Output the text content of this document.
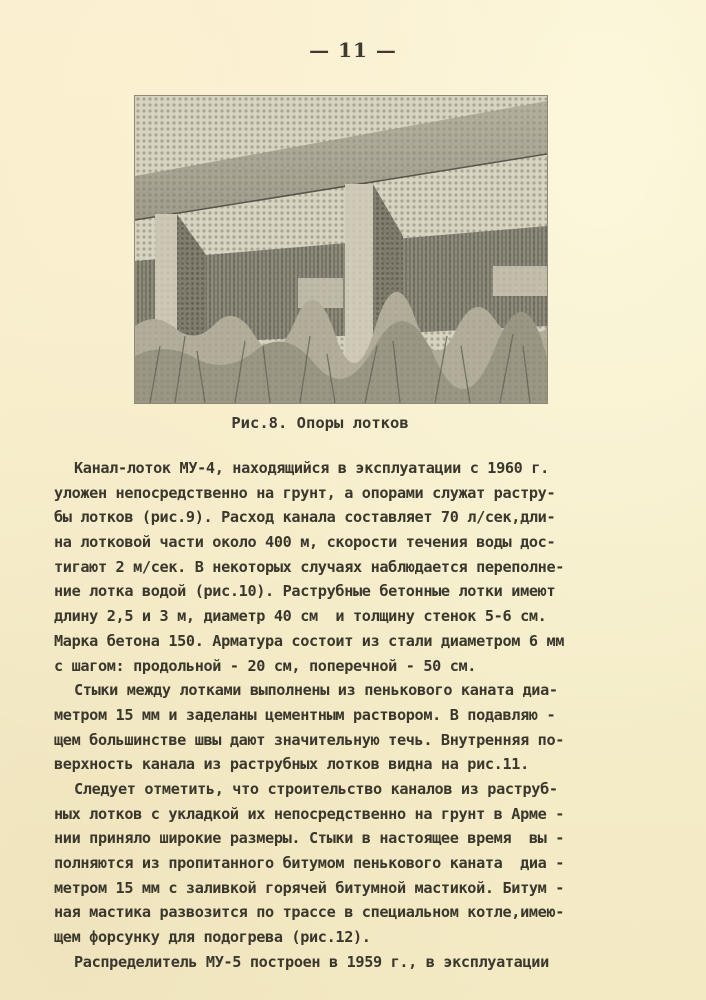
— 11 —
Рис.8. Опоры лотков
Канал-лоток МУ-4, находящийся в эксплуатации с 1960 г.
уложен непосредственно на грунт, а опорами служат растру-
бы лотков (рис.9). Расход канала составляет 70 л/сек,дли-
на лотковой части около 400 м, скорости течения воды дос-
тигают 2 м/сек. В некоторых случаях наблюдается переполне-
ние лотка водой (рис.10). Раструбные бетонные лотки имеют
длину 2,5 и 3 м, диаметр 40 см  и толщину стенок 5-6 см.
Марка бетона 150. Арматура состоит из стали диаметром 6 мм
с шагом: продольной - 20 см, поперечной - 50 см.
Стыки между лотками выполнены из пенькового каната диа-
метром 15 мм и заделаны цементным раствором. В подавляю -
щем большинстве швы дают значительную течь. Внутренняя по-
верхность канала из раструбных лотков видна на рис.11.
Следует отметить, что строительство каналов из раструб-
ных лотков с укладкой их непосредственно на грунт в Арме -
нии приняло широкие размеры. Стыки в настоящее время  вы -
полняются из пропитанного битумом пенькового каната  диа -
метром 15 мм с заливкой горячей битумной мастикой. Битум -
ная мастика развозится по трассе в специальном котле,имею-
щем форсунку для подогрева (рис.12).
Распределитель МУ-5 построен в 1959 г., в эксплуатации
